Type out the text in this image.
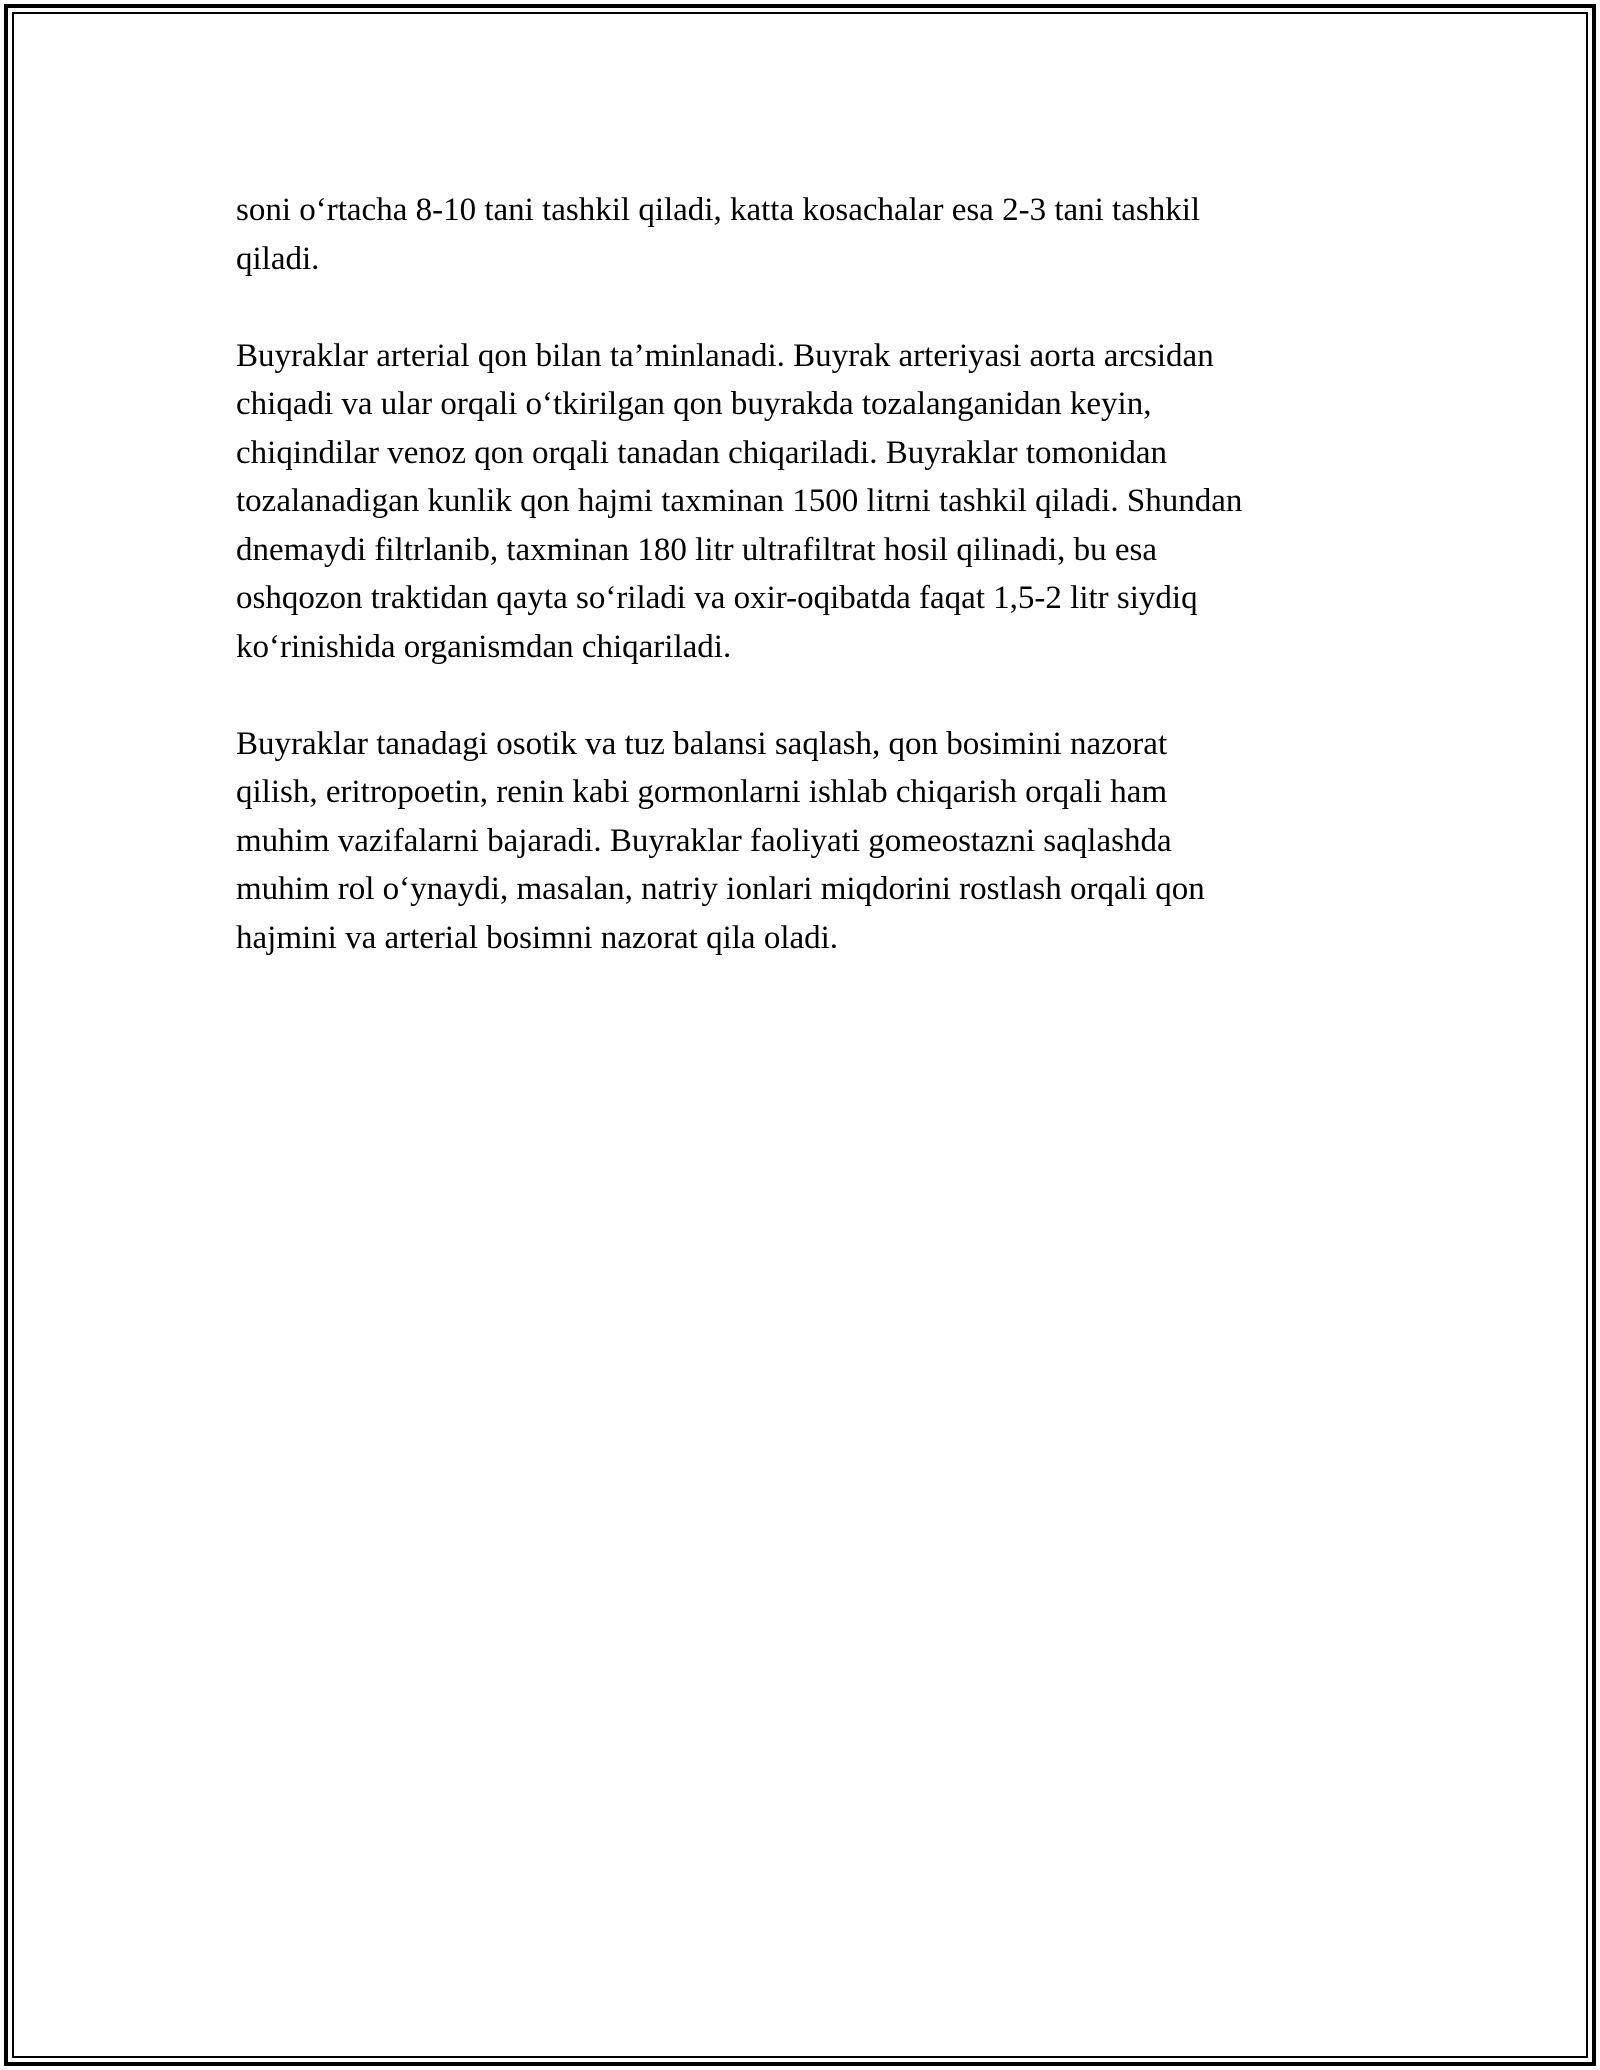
soni o‘rtacha 8-10 tani tashkil qiladi, katta kosachalar esa 2-3 tani tashkil
qiladi.

Buyraklar arterial qon bilan ta’minlanadi. Buyrak arteriyasi aorta arcsidan
chiqadi va ular orqali o‘tkirilgan qon buyrakda tozalanganidan keyin,
chiqindilar venoz qon orqali tanadan chiqariladi. Buyraklar tomonidan
tozalanadigan kunlik qon hajmi taxminan 1500 litrni tashkil qiladi. Shundan
dnemaydi filtrlanib, taxminan 180 litr ultrafiltrat hosil qilinadi, bu esa
oshqozon traktidan qayta so‘riladi va oxir-oqibatda faqat 1,5-2 litr siydiq
ko‘rinishida organismdan chiqariladi.

Buyraklar tanadagi osotik va tuz balansi saqlash, qon bosimini nazorat
qilish, eritropoetin, renin kabi gormonlarni ishlab chiqarish orqali ham
muhim vazifalarni bajaradi. Buyraklar faoliyati gomeostazni saqlashda
muhim rol o‘ynaydi, masalan, natriy ionlari miqdorini rostlash orqali qon
hajmini va arterial bosimni nazorat qila oladi.
